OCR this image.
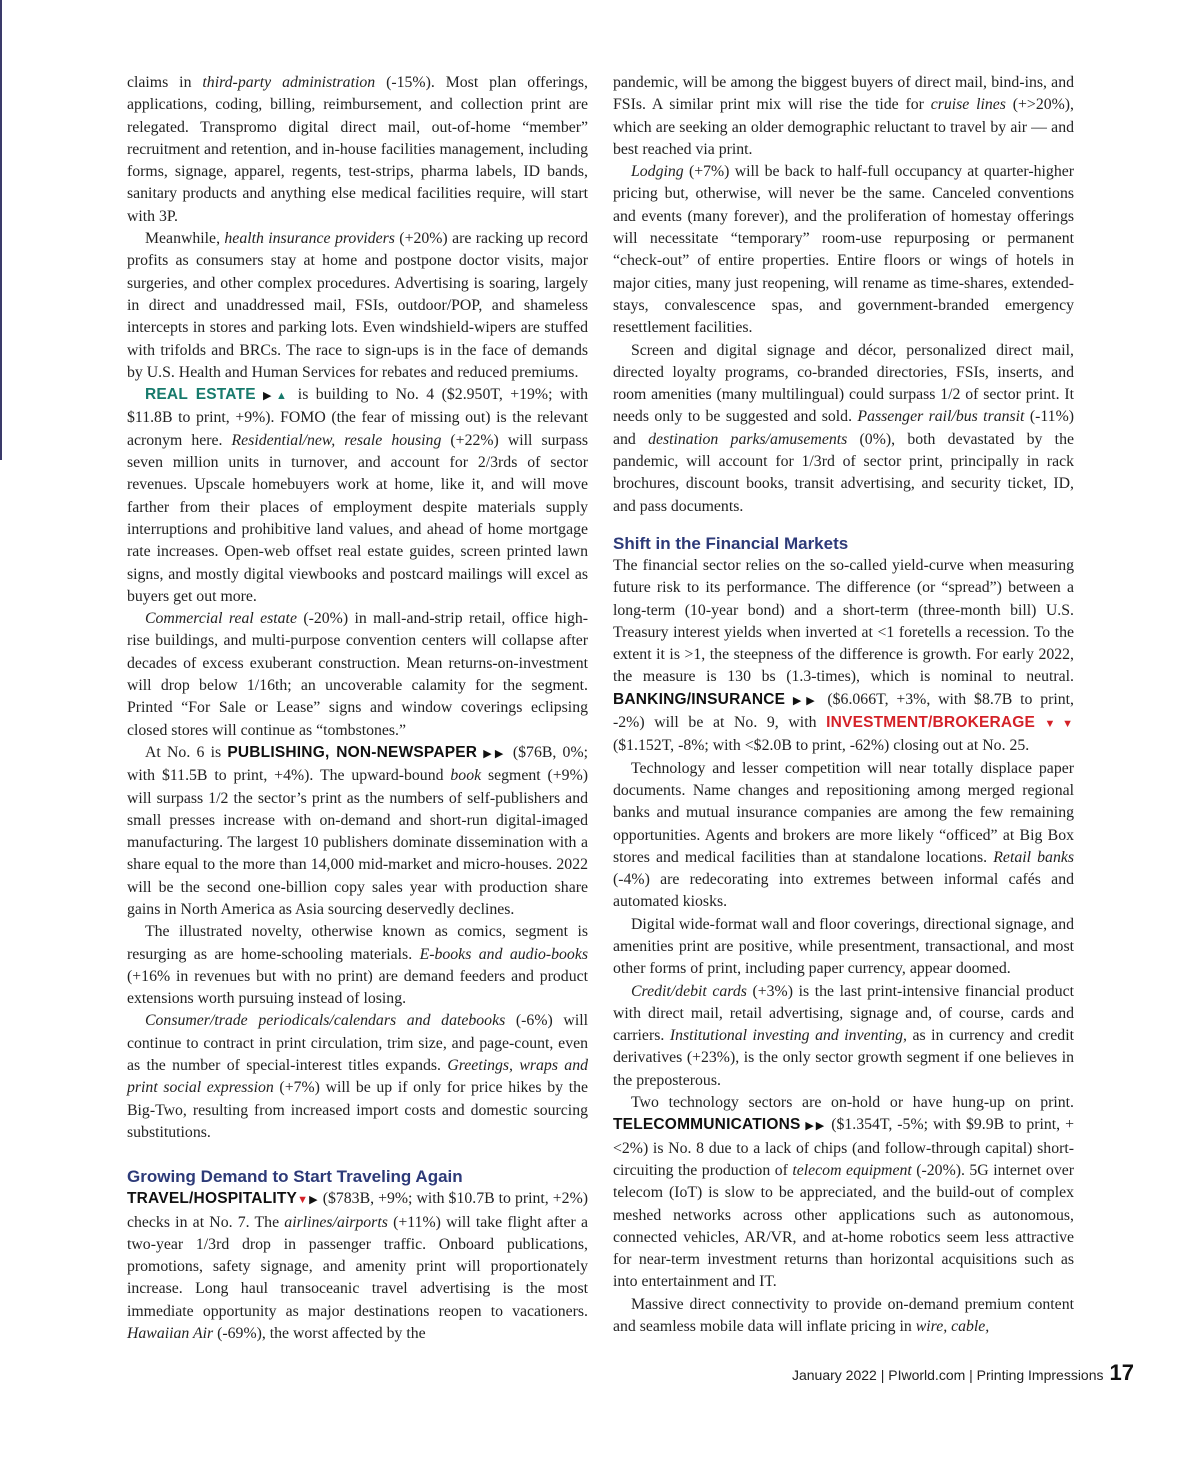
claims in third-party administration (-15%). Most plan offerings, applications, coding, billing, reimbursement, and collection print are relegated. Transpromo digital direct mail, out-of-home “member” recruitment and retention, and in-house facilities management, including forms, signage, apparel, regents, test-strips, pharma labels, ID bands, sanitary products and anything else medical facilities require, will start with 3P.

Meanwhile, health insurance providers (+20%) are racking up record profits as consumers stay at home and postpone doctor visits, major surgeries, and other complex procedures. Advertising is soaring, largely in direct and unaddressed mail, FSIs, outdoor/POP, and shameless intercepts in stores and parking lots. Even windshield-wipers are stuffed with trifolds and BRCs. The race to sign-ups is in the face of demands by U.S. Health and Human Services for rebates and reduced premiums.

REAL ESTATE ▶▲ is building to No. 4 ($2.950T, +19%; with $11.8B to print, +9%). FOMO (the fear of missing out) is the relevant acronym here. Residential/new, resale housing (+22%) will surpass seven million units in turnover, and account for 2/3rds of sector revenues. Upscale homebuyers work at home, like it, and will move farther from their places of employment despite materials supply interruptions and prohibitive land values, and ahead of home mortgage rate increases. Open-web offset real estate guides, screen printed lawn signs, and mostly digital viewbooks and postcard mailings will excel as buyers get out more.

Commercial real estate (-20%) in mall-and-strip retail, office high-rise buildings, and multi-purpose convention centers will collapse after decades of excess exuberant construction. Mean returns-on-investment will drop below 1/16th; an uncoverable calamity for the segment. Printed “For Sale or Lease” signs and window coverings eclipsing closed stores will continue as “tombstones.”

At No. 6 is PUBLISHING, NON-NEWSPAPER ▶▶ ($76B, 0%; with $11.5B to print, +4%). The upward-bound book segment (+9%) will surpass 1/2 the sector’s print as the numbers of self-publishers and small presses increase with on-demand and short-run digital-imaged manufacturing. The largest 10 publishers dominate dissemination with a share equal to the more than 14,000 mid-market and micro-houses. 2022 will be the second one-billion copy sales year with production share gains in North America as Asia sourcing deservedly declines.

The illustrated novelty, otherwise known as comics, segment is resurging as are home-schooling materials. E-books and audio-books (+16% in revenues but with no print) are demand feeders and product extensions worth pursuing instead of losing.

Consumer/trade periodicals/calendars and datebooks (-6%) will continue to contract in print circulation, trim size, and page-count, even as the number of special-interest titles expands. Greetings, wraps and print social expression (+7%) will be up if only for price hikes by the Big-Two, resulting from increased import costs and domestic sourcing substitutions.

Growing Demand to Start Traveling Again

TRAVEL/HOSPITALITY▼▶ ($783B, +9%; with $10.7B to print, +2%) checks in at No. 7. The airlines/airports (+11%) will take flight after a two-year 1/3rd drop in passenger traffic. Onboard publications, promotions, safety signage, and amenity print will proportionately increase. Long haul transoceanic travel advertising is the most immediate opportunity as major destinations reopen to vacationers. Hawaiian Air (-69%), the worst affected by the

pandemic, will be among the biggest buyers of direct mail, bind-ins, and FSIs. A similar print mix will rise the tide for cruise lines (+>20%), which are seeking an older demographic reluctant to travel by air — and best reached via print.

Lodging (+7%) will be back to half-full occupancy at quarter-higher pricing but, otherwise, will never be the same. Canceled conventions and events (many forever), and the proliferation of homestay offerings will necessitate “temporary” room-use repurposing or permanent “check-out” of entire properties. Entire floors or wings of hotels in major cities, many just reopening, will rename as time-shares, extended-stays, convalescence spas, and government-branded emergency resettlement facilities.

Screen and digital signage and décor, personalized direct mail, directed loyalty programs, co-branded directories, FSIs, inserts, and room amenities (many multilingual) could surpass 1/2 of sector print. It needs only to be suggested and sold. Passenger rail/bus transit (-11%) and destination parks/amusements (0%), both devastated by the pandemic, will account for 1/3rd of sector print, principally in rack brochures, discount books, transit advertising, and security ticket, ID, and pass documents.

Shift in the Financial Markets

The financial sector relies on the so-called yield-curve when measuring future risk to its performance. The difference (or “spread”) between a long-term (10-year bond) and a short-term (three-month bill) U.S. Treasury interest yields when inverted at <1 foretells a recession. To the extent it is >1, the steepness of the difference is growth. For early 2022, the measure is 130 bs (1.3-times), which is nominal to neutral. BANKING/INSURANCE ▶▶ ($6.066T, +3%, with $8.7B to print, -2%) will be at No. 9, with INVESTMENT/BROKERAGE ▼▼ ($1.152T, -8%; with <$2.0B to print, -62%) closing out at No. 25.

Technology and lesser competition will near totally displace paper documents. Name changes and repositioning among merged regional banks and mutual insurance companies are among the few remaining opportunities. Agents and brokers are more likely “officed” at Big Box stores and medical facilities than at standalone locations. Retail banks (-4%) are redecorating into extremes between informal cafés and automated kiosks.

Digital wide-format wall and floor coverings, directional signage, and amenities print are positive, while presentment, transactional, and most other forms of print, including paper currency, appear doomed.

Credit/debit cards (+3%) is the last print-intensive financial product with direct mail, retail advertising, signage and, of course, cards and carriers. Institutional investing and inventing, as in currency and credit derivatives (+23%), is the only sector growth segment if one believes in the preposterous.

Two technology sectors are on-hold or have hung-up on print. TELECOMMUNICATIONS ▶▶ ($1.354T, -5%; with $9.9B to print, +<2%) is No. 8 due to a lack of chips (and follow-through capital) short-circuiting the production of telecom equipment (-20%). 5G internet over telecom (IoT) is slow to be appreciated, and the build-out of complex meshed networks across other applications such as autonomous, connected vehicles, AR/VR, and at-home robotics seem less attractive for near-term investment returns than horizontal acquisitions such as into entertainment and IT.

Massive direct connectivity to provide on-demand premium content and seamless mobile data will inflate pricing in wire, cable,

January 2022 | PIworld.com | Printing Impressions 17
